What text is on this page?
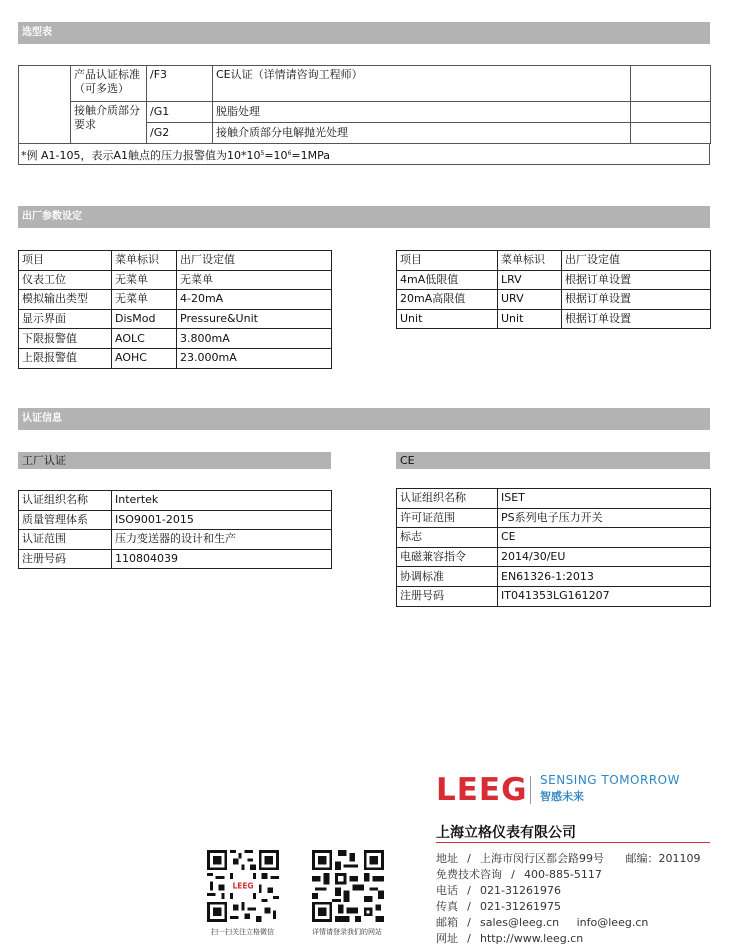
选型表
	产品认证标准（可多选）	/F3	CE认证（详情请咨询工程师）	
	接触介质部分要求	/G1	脱脂处理	
		/G2	接触介质部分电解抛光处理	
*例 A1-105，表示A1触点的压力报警值为$10*10^5=10^6=1MPa$
出厂参数设定
项目	菜单标识	出厂设定值
仪表工位	无菜单	无菜单
模拟输出类型	无菜单	4-20mA
显示界面	DisMod	Pressure&Unit
下限报警值	AOLC	3.800mA
上限报警值	AOHC	23.000mA
项目	菜单标识	出厂设定值
4mA低限值	LRV	根据订单设置
20mA高限值	URV	根据订单设置
Unit	Unit	根据订单设置
认证信息
工厂认证	CE
认证组织名称	Intertek
质量管理体系	ISO9001-2015
认证范围	压力变送器的设计和生产
注册号码	110804039
认证组织名称	ISET
许可证范围	PS系列电子压力开关
标志	CE
电磁兼容指令	2014/30/EU
协调标准	EN61326-1:2013
注册号码	IT041353LG161207
LEEG SENSING TOMORROW
智感未来
上海立格仪表有限公司
地址 / 上海市闵行区都会路99号 邮编：201109
免费技术咨询 / 400-885-5117
电话 / 021-31261976
传真 / 021-31261975
邮箱 / sales@leeg.cn info@leeg.cn
网址 / http://www.leeg.cn
LEEG
扫一扫关注立格微信	详情请登录我们的网站
